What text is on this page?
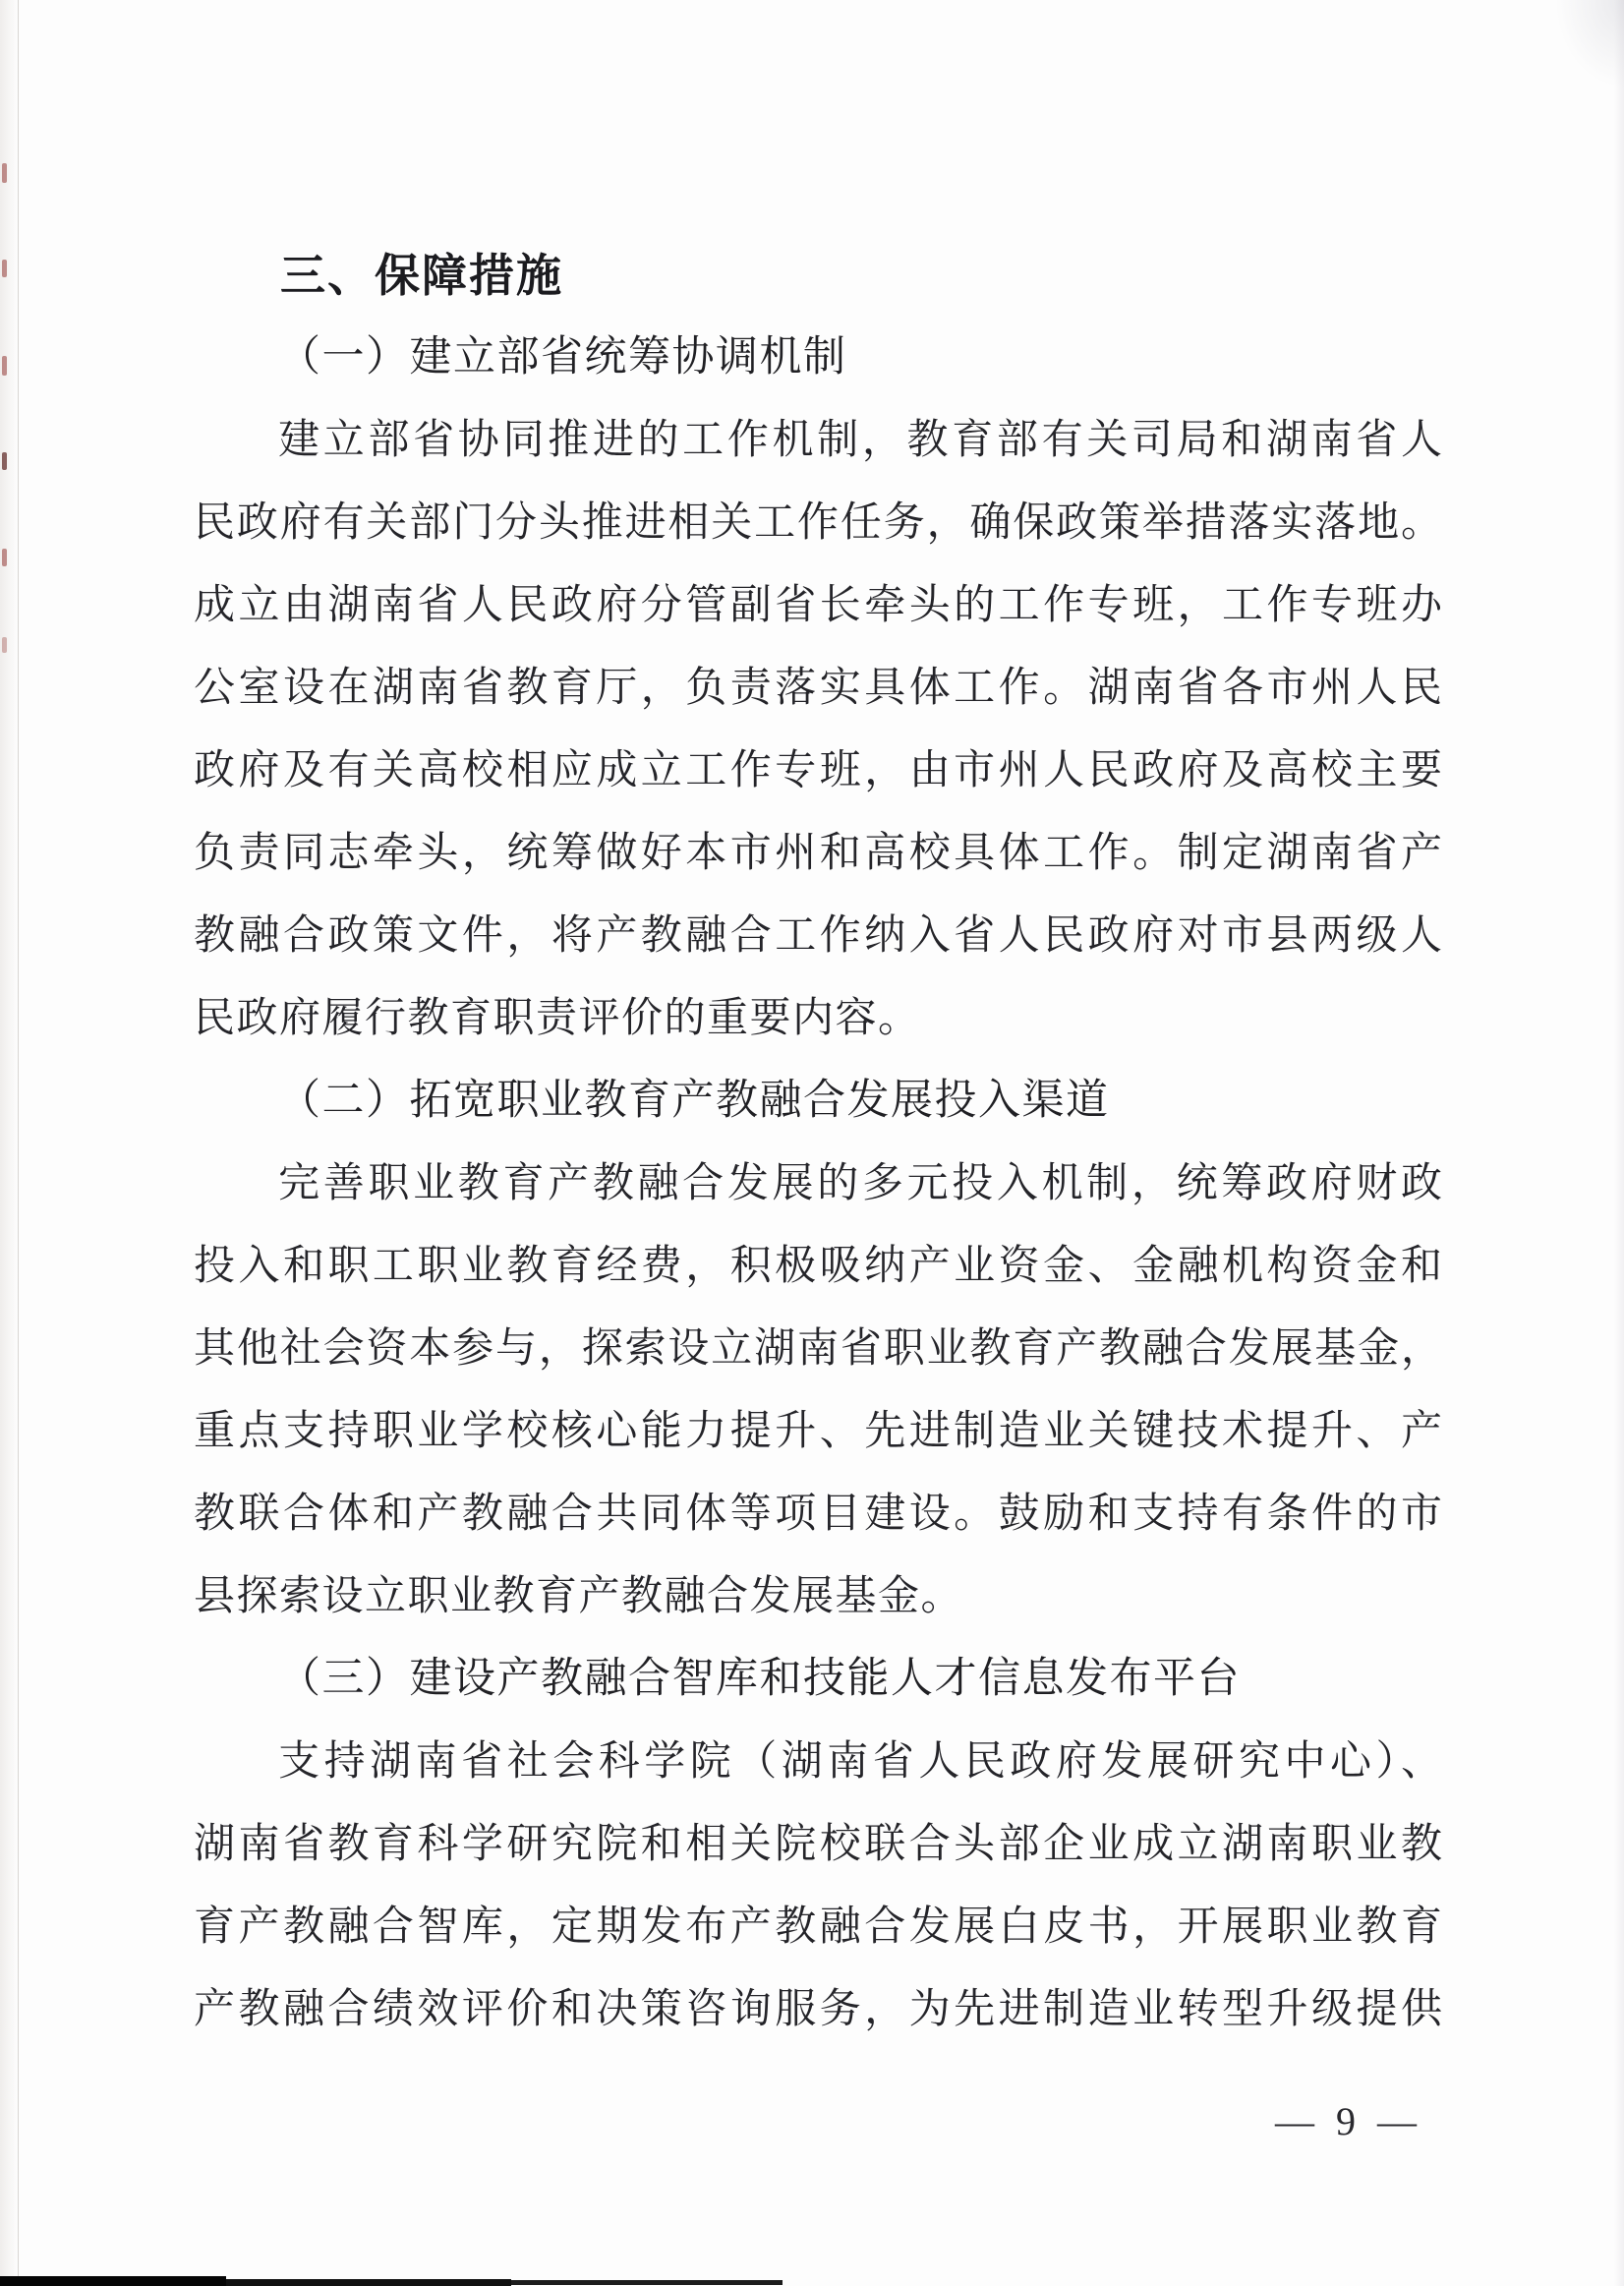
三、保障措施
（一）建立部省统筹协调机制
建立部省协同推进的工作机制，教育部有关司局和湖南省人
民政府有关部门分头推进相关工作任务，确保政策举措落实落地。
成立由湖南省人民政府分管副省长牵头的工作专班，工作专班办
公室设在湖南省教育厅，负责落实具体工作。湖南省各市州人民
政府及有关高校相应成立工作专班，由市州人民政府及高校主要
负责同志牵头，统筹做好本市州和高校具体工作。制定湖南省产
教融合政策文件，将产教融合工作纳入省人民政府对市县两级人
民政府履行教育职责评价的重要内容。
（二）拓宽职业教育产教融合发展投入渠道
完善职业教育产教融合发展的多元投入机制，统筹政府财政
投入和职工职业教育经费，积极吸纳产业资金、金融机构资金和
其他社会资本参与，探索设立湖南省职业教育产教融合发展基金，
重点支持职业学校核心能力提升、先进制造业关键技术提升、产
教联合体和产教融合共同体等项目建设。鼓励和支持有条件的市
县探索设立职业教育产教融合发展基金。
（三）建设产教融合智库和技能人才信息发布平台
支持湖南省社会科学院（湖南省人民政府发展研究中心）、
湖南省教育科学研究院和相关院校联合头部企业成立湖南职业教
育产教融合智库，定期发布产教融合发展白皮书，开展职业教育
产教融合绩效评价和决策咨询服务，为先进制造业转型升级提供
— 9 —
